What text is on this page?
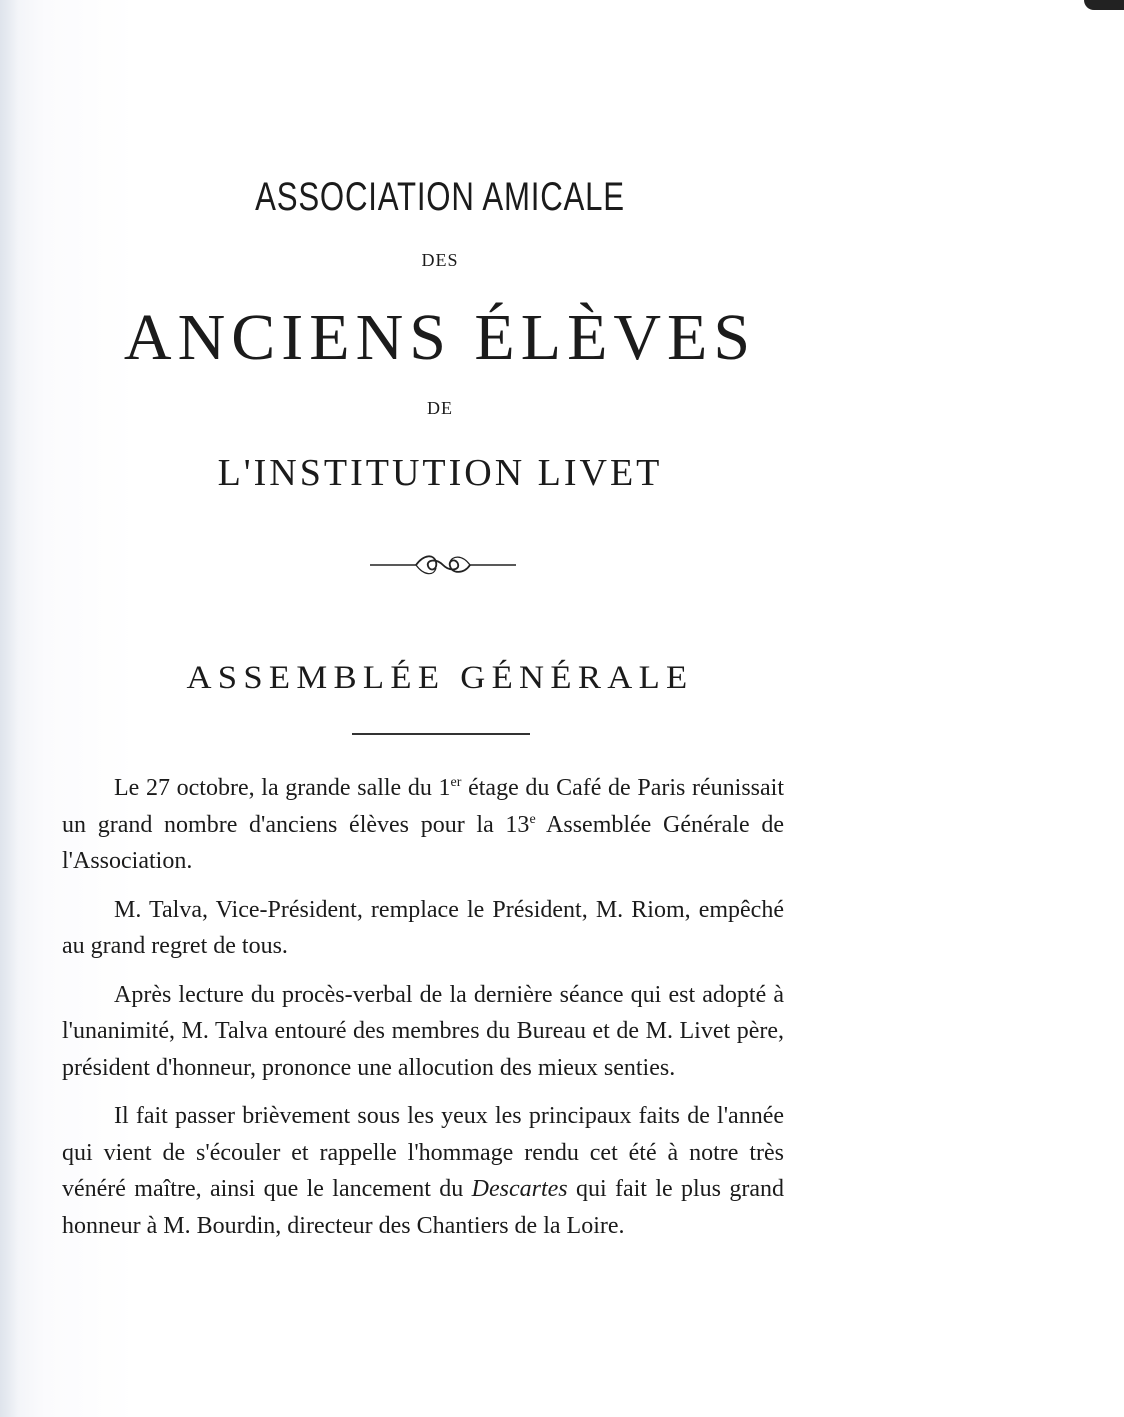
ASSOCIATION AMICALE
DES
ANCIENS ÉLÈVES
DE
L'INSTITUTION LIVET
ASSEMBLÉE GÉNÉRALE

Le 27 octobre, la grande salle du 1er étage du Café de Paris réunissait un grand nombre d'anciens élèves pour la 13e Assemblée Générale de l'Association.

M. Talva, Vice-Président, remplace le Président, M. Riom, empêché au grand regret de tous.

Après lecture du procès-verbal de la dernière séance qui est adopté à l'unanimité, M. Talva entouré des membres du Bureau et de M. Livet père, président d'honneur, prononce une allocution des mieux senties.

Il fait passer brièvement sous les yeux les principaux faits de l'année qui vient de s'écouler et rappelle l'hommage rendu cet été à notre très vénéré maître, ainsi que le lancement du Descartes qui fait le plus grand honneur à M. Bourdin, directeur des Chantiers de la Loire.
